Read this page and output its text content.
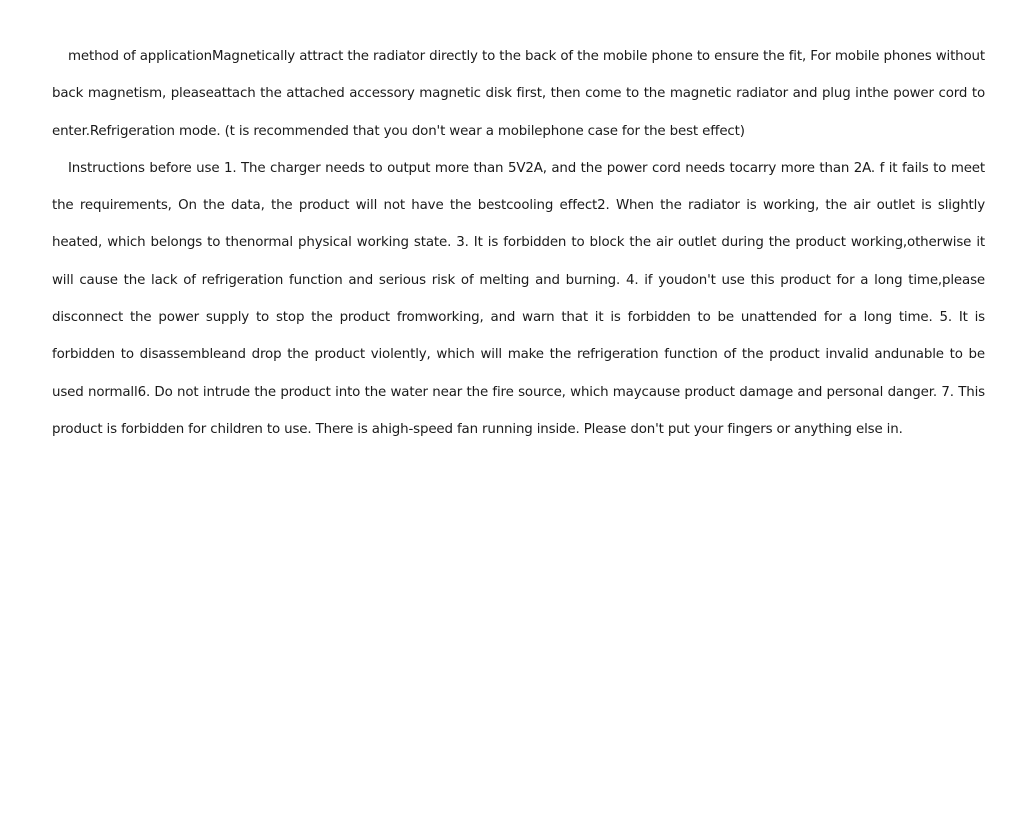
method of applicationMagnetically attract the radiator directly to the back of the mobile phone to ensure the fit, For mobile phones without back magnetism, pleaseattach the attached accessory magnetic disk first, then come to the magnetic radiator and plug inthe power cord to enter.Refrigeration mode. (t is recommended that you don't wear a mobilephone case for the best effect)

Instructions before use 1. The charger needs to output more than 5V2A, and the power cord needs tocarry more than 2A. f it fails to meet the requirements, On the data, the product will not have the bestcooling effect2. When the radiator is working, the air outlet is slightly heated, which belongs to thenormal physical working state. 3. It is forbidden to block the air outlet during the product working,otherwise it will cause the lack of refrigeration function and serious risk of melting and burning. 4. if youdon't use this product for a long time,please disconnect the power supply to stop the product fromworking, and warn that it is forbidden to be unattended for a long time. 5. It is forbidden to disassembleand drop the product violently, which will make the refrigeration function of the product invalid andunable to be used normall6. Do not intrude the product into the water near the fire source, which maycause product damage and personal danger. 7. This product is forbidden for children to use. There is ahigh-speed fan running inside. Please don't put your fingers or anything else in.
